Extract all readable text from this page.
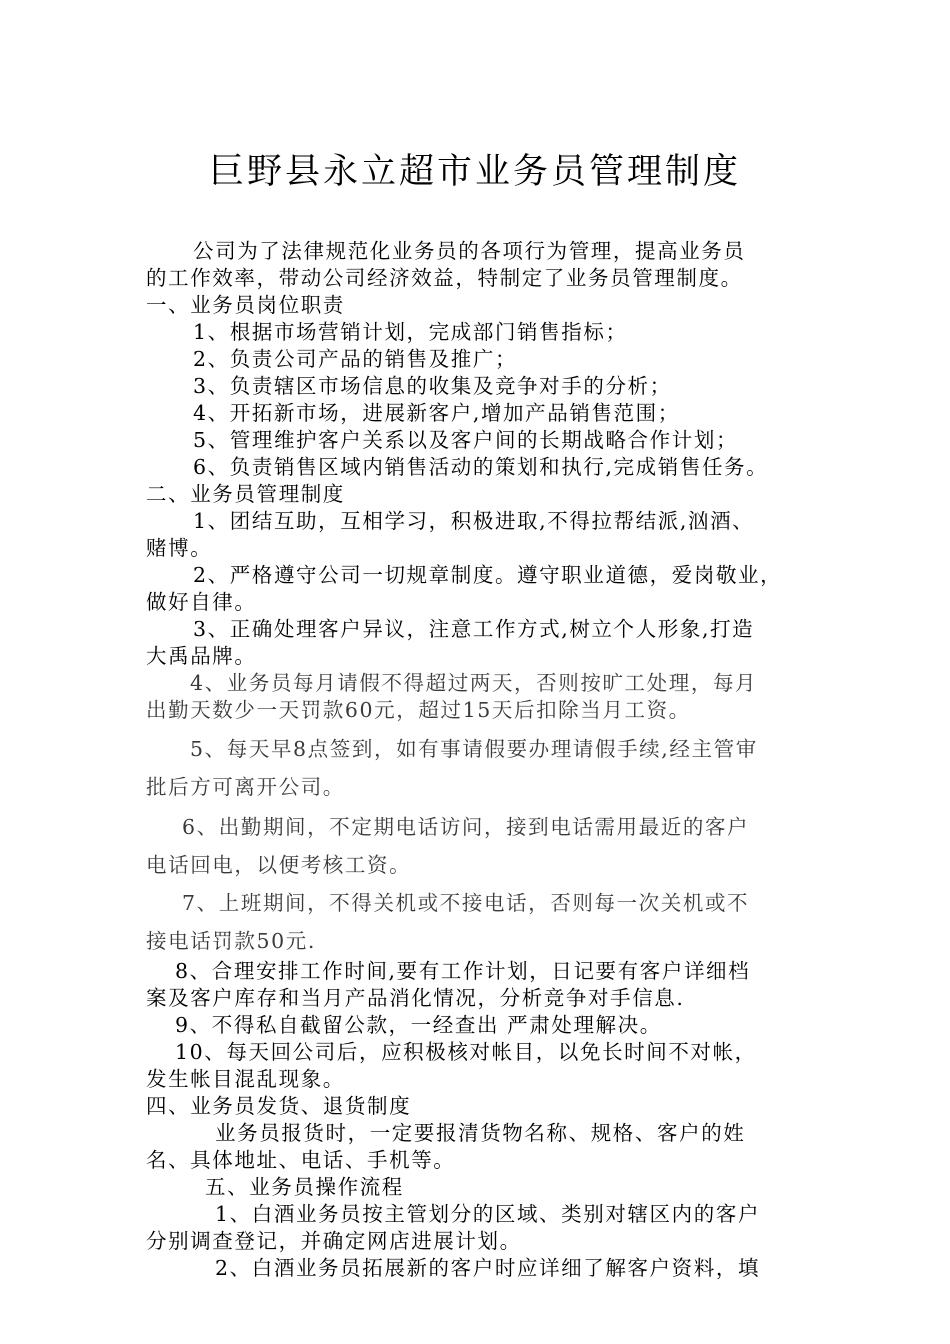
巨野县永立超市业务员管理制度
公司为了法律规范化业务员的各项行为管理，提高业务员
的工作效率，带动公司经济效益，特制定了业务员管理制度。
一、业务员岗位职责
1、根据市场营销计划，完成部门销售指标；
2、负责公司产品的销售及推广；
3、负责辖区市场信息的收集及竞争对手的分析；
4、开拓新市场，进展新客户,增加产品销售范围；
5、管理维护客户关系以及客户间的长期战略合作计划；
6、负责销售区域内销售活动的策划和执行,完成销售任务。
二、业务员管理制度
1、团结互助，互相学习，积极进取,不得拉帮结派,汹酒、
赌博。
2、严格遵守公司一切规章制度。遵守职业道德，爱岗敬业，
做好自律。
3、正确处理客户异议，注意工作方式,树立个人形象,打造
大禹品牌。
4、业务员每月请假不得超过两天，否则按旷工处理，每月
出勤天数少一天罚款60元，超过15天后扣除当月工资。
5、每天早8点签到，如有事请假要办理请假手续,经主管审
批后方可离开公司。
6、出勤期间，不定期电话访问，接到电话需用最近的客户
电话回电，以便考核工资。
7、上班期间，不得关机或不接电话，否则每一次关机或不
接电话罚款50元.
8、合理安排工作时间,要有工作计划，日记要有客户详细档
案及客户库存和当月产品消化情况，分析竞争对手信息.
9、不得私自截留公款，一经查出 严肃处理解决。
10、每天回公司后，应积极核对帐目，以免长时间不对帐，
发生帐目混乱现象。
四、业务员发货、退货制度
业务员报货时，一定要报清货物名称、规格、客户的姓
名、具体地址、电话、手机等。
五、业务员操作流程
1、白酒业务员按主管划分的区域、类别对辖区内的客户
分别调查登记，并确定网店进展计划。
2、白酒业务员拓展新的客户时应详细了解客户资料，填
